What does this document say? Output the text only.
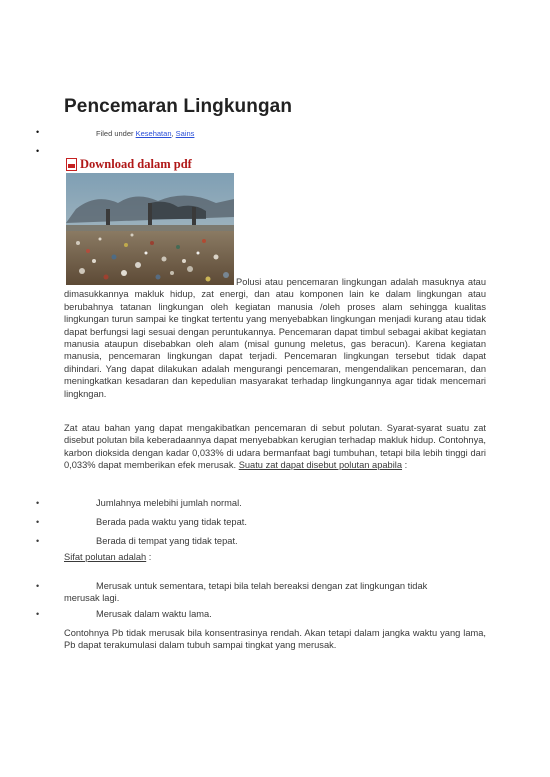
Pencemaran Lingkungan
•	Filed under Kesehatan, Sains
•
Download dalam pdf

Polusi atau pencemaran lingkungan adalah masuknya atau dimasukkannya makluk hidup, zat energi, dan atau komponen lain ke dalam lingkungan atau berubahnya tatanan lingkungan oleh kegiatan manusia /oleh proses alam sehingga kualitas lingkungan turun sampai ke tingkat tertentu yang menyebabkan lingkungan menjadi kurang atau tidak dapat berfungsi lagi sesuai dengan peruntukannya. Pencemaran dapat timbul sebagai akibat kegiatan manusia ataupun disebabkan oleh alam (misal gunung meletus, gas beracun). Karena kegiatan manusia, pencemaran lingkungan dapat terjadi. Pencemaran lingkungan tersebut tidak dapat dihindari. Yang dapat dilakukan adalah mengurangi pencemaran, mengendalikan pencemaran, dan meningkatkan kesadaran dan kepedulian masyarakat terhadap lingkungannya agar tidak mencemari lingkngan.

Zat atau bahan yang dapat mengakibatkan pencemaran di sebut polutan. Syarat-syarat suatu zat disebut polutan bila keberadaannya dapat menyebabkan kerugian terhadap makluk hidup. Contohnya, karbon dioksida dengan kadar 0,033% di udara bermanfaat bagi tumbuhan, tetapi bila lebih tinggi dari 0,033% dapat memberikan efek merusak. Suatu zat dapat disebut polutan apabila :

•	Jumlahnya melebihi jumlah normal.
•	Berada pada waktu yang tidak tepat.
•	Berada di tempat yang tidak tepat.
Sifat polutan adalah :
•	Merusak untuk sementara, tetapi bila telah bereaksi dengan zat lingkungan tidak
merusak lagi.
•	Merusak dalam waktu lama.

Contohnya Pb tidak merusak bila konsentrasinya rendah. Akan tetapi dalam jangka waktu yang lama, Pb dapat terakumulasi dalam tubuh sampai tingkat yang merusak.
